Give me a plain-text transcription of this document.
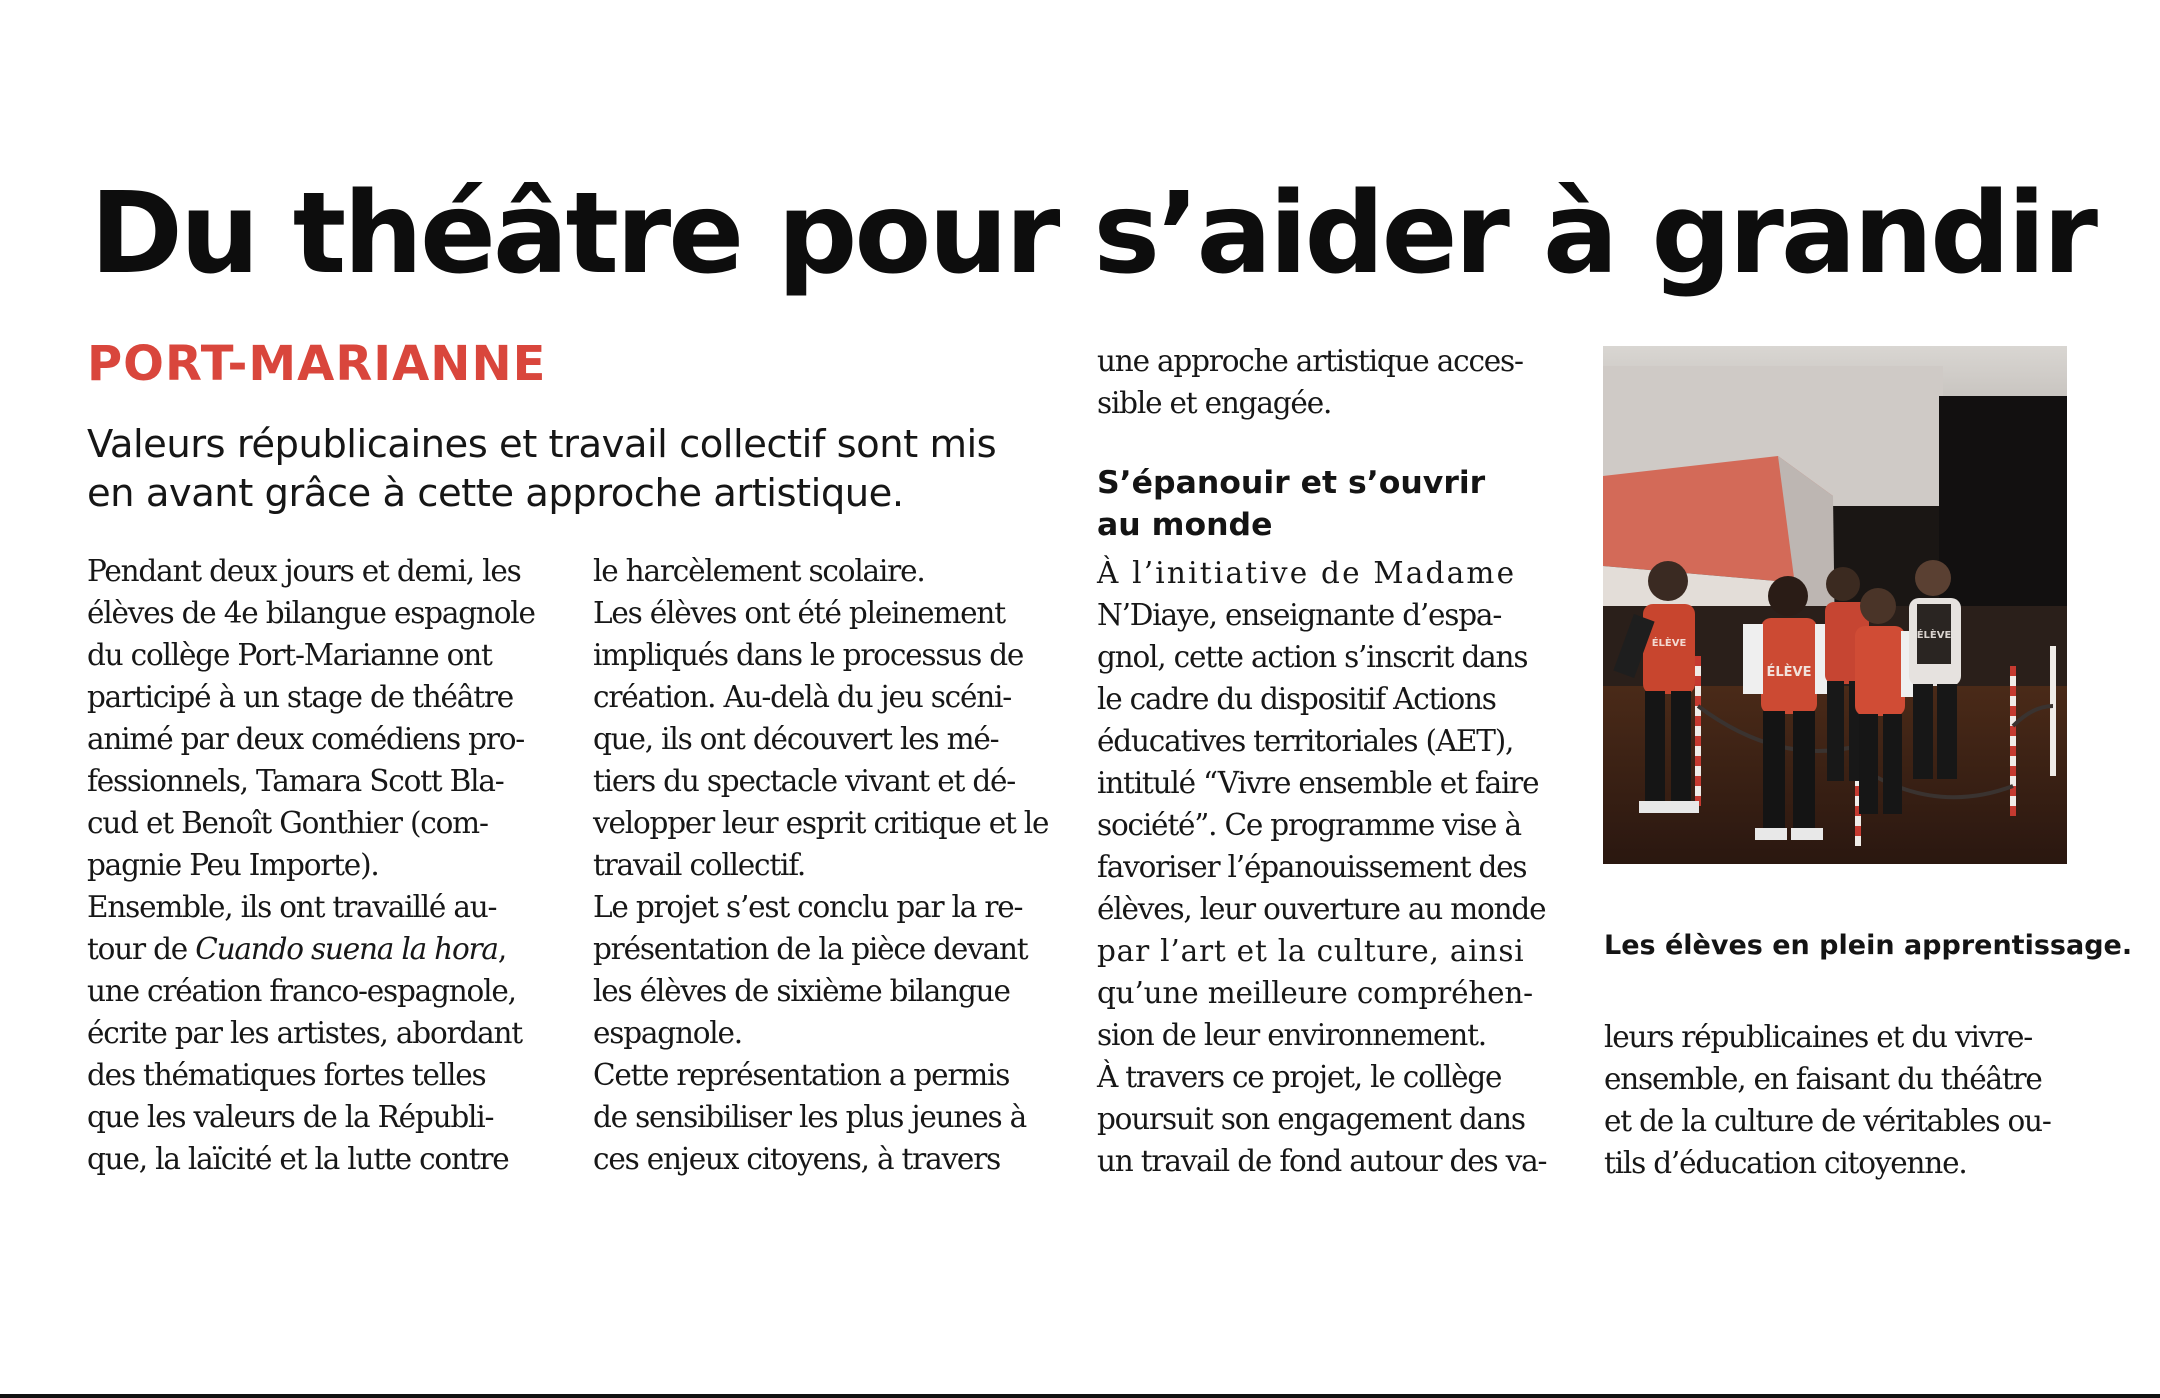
Du théâtre pour s’aider à grandir
PORT-MARIANNE
Valeurs républicaines et travail collectif sont mis
en avant grâce à cette approche artistique.
Pendant deux jours et demi, les
élèves de 4e bilangue espagnole
du collège Port-Marianne ont
participé à un stage de théâtre
animé par deux comédiens pro-
fessionnels, Tamara Scott Bla-
cud et Benoît Gonthier (com-
pagnie Peu Importe).
Ensemble, ils ont travaillé au-
tour de Cuando suena la hora,
une création franco-espagnole,
écrite par les artistes, abordant
des thématiques fortes telles
que les valeurs de la Républi-
que, la laïcité et la lutte contre
le harcèlement scolaire.
Les élèves ont été pleinement
impliqués dans le processus de
création. Au-delà du jeu scéni-
que, ils ont découvert les mé-
tiers du spectacle vivant et dé-
velopper leur esprit critique et le
travail collectif.
Le projet s’est conclu par la re-
présentation de la pièce devant
les élèves de sixième bilangue
espagnole.
Cette représentation a permis
de sensibiliser les plus jeunes à
ces enjeux citoyens, à travers
une approche artistique acces-
sible et engagée.
S’épanouir et s’ouvrir
au monde
À l’initiative de Madame
N’Diaye, enseignante d’espa-
gnol, cette action s’inscrit dans
le cadre du dispositif Actions
éducatives territoriales (AET),
intitulé “Vivre ensemble et faire
société”. Ce programme vise à
favoriser l’épanouissement des
élèves, leur ouverture au monde
par l’art et la culture, ainsi
qu’une meilleure compréhen-
sion de leur environnement.
À travers ce projet, le collège
poursuit son engagement dans
un travail de fond autour des va-
ÉLÈVE
ÉLÈVE
ÉLÈVE
Les élèves en plein apprentissage.
leurs républicaines et du vivre-
ensemble, en faisant du théâtre
et de la culture de véritables ou-
tils d’éducation citoyenne.
